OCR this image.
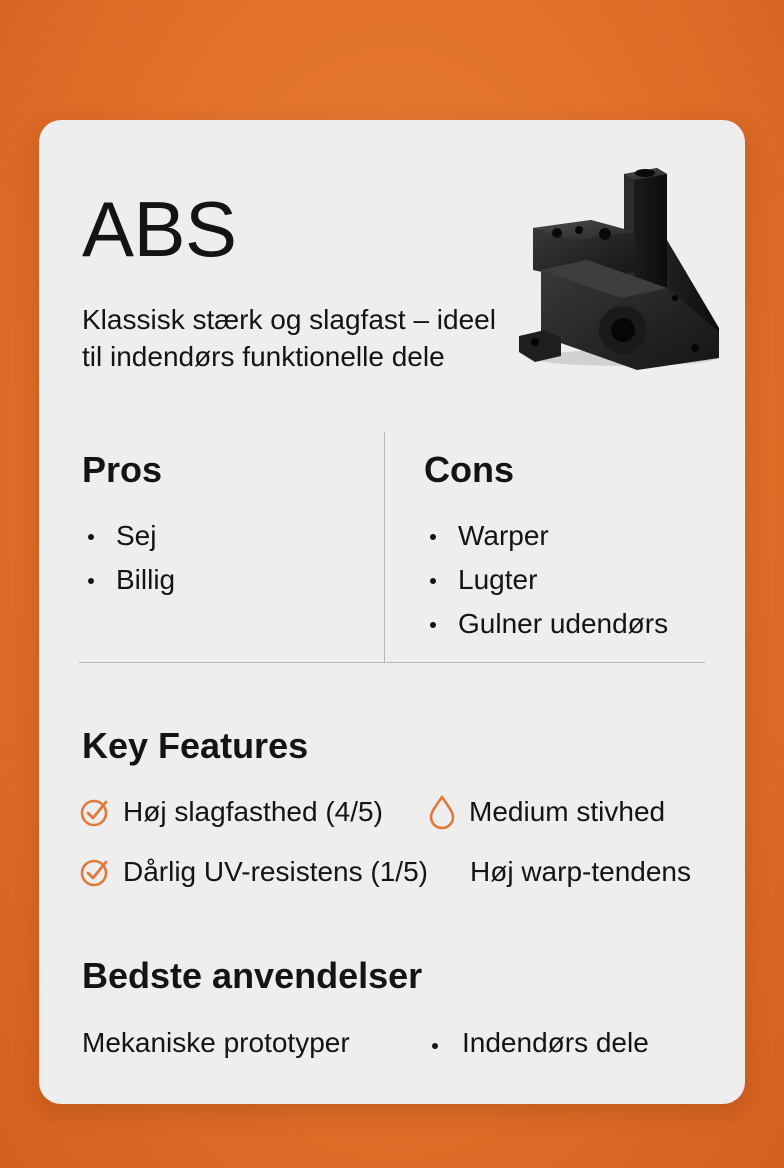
ABS

Klassisk stærk og slagfast – ideel til indendørs funktionelle dele

Pros
Sej
Billig
Cons
Warper
Lugter
Gulner udendørs
Key Features
Høj slagfasthed (4/5)	Medium stivhed
Dårlig UV-resistens (1/5) Høj warp-tendens
Bedste anvendelser
Mekaniske prototyper	Indendørs dele
